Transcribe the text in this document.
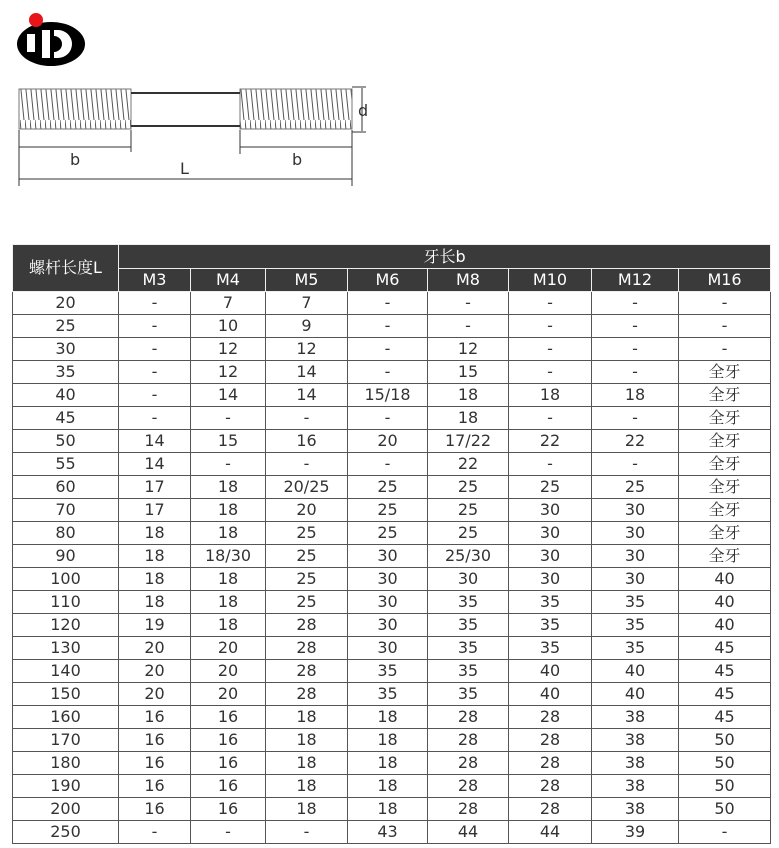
d
b	b
L
螺杆长度L	牙长b							
	M3	M4	M5	M6	M8	M10	M12	M16
20	-	7	7	-	-	-	-	-
25	-	10	9	-	-	-	-	-
30	-	12	12	-	12	-	-	-
35	-	12	14	-	15	-	-	全牙
40	-	14	14	15/18	18	18	18	全牙
45	-	-	-	-	18	-	-	全牙
50	14	15	16	20	17/22	22	22	全牙
55	14	-	-	-	22	-	-	全牙
60	17	18	20/25	25	25	25	25	全牙
70	17	18	20	25	25	30	30	全牙
80	18	18	25	25	25	30	30	全牙
90	18	18/30	25	30	25/30	30	30	全牙
100	18	18	25	30	30	30	30	40
110	18	18	25	30	35	35	35	40
120	19	18	28	30	35	35	35	40
130	20	20	28	30	35	35	35	45
140	20	20	28	35	35	40	40	45
150	20	20	28	35	35	40	40	45
160	16	16	18	18	28	28	38	45
170	16	16	18	18	28	28	38	50
180	16	16	18	18	28	28	38	50
190	16	16	18	18	28	28	38	50
200	16	16	18	18	28	28	38	50
250	-	-	-	43	44	44	39	-
